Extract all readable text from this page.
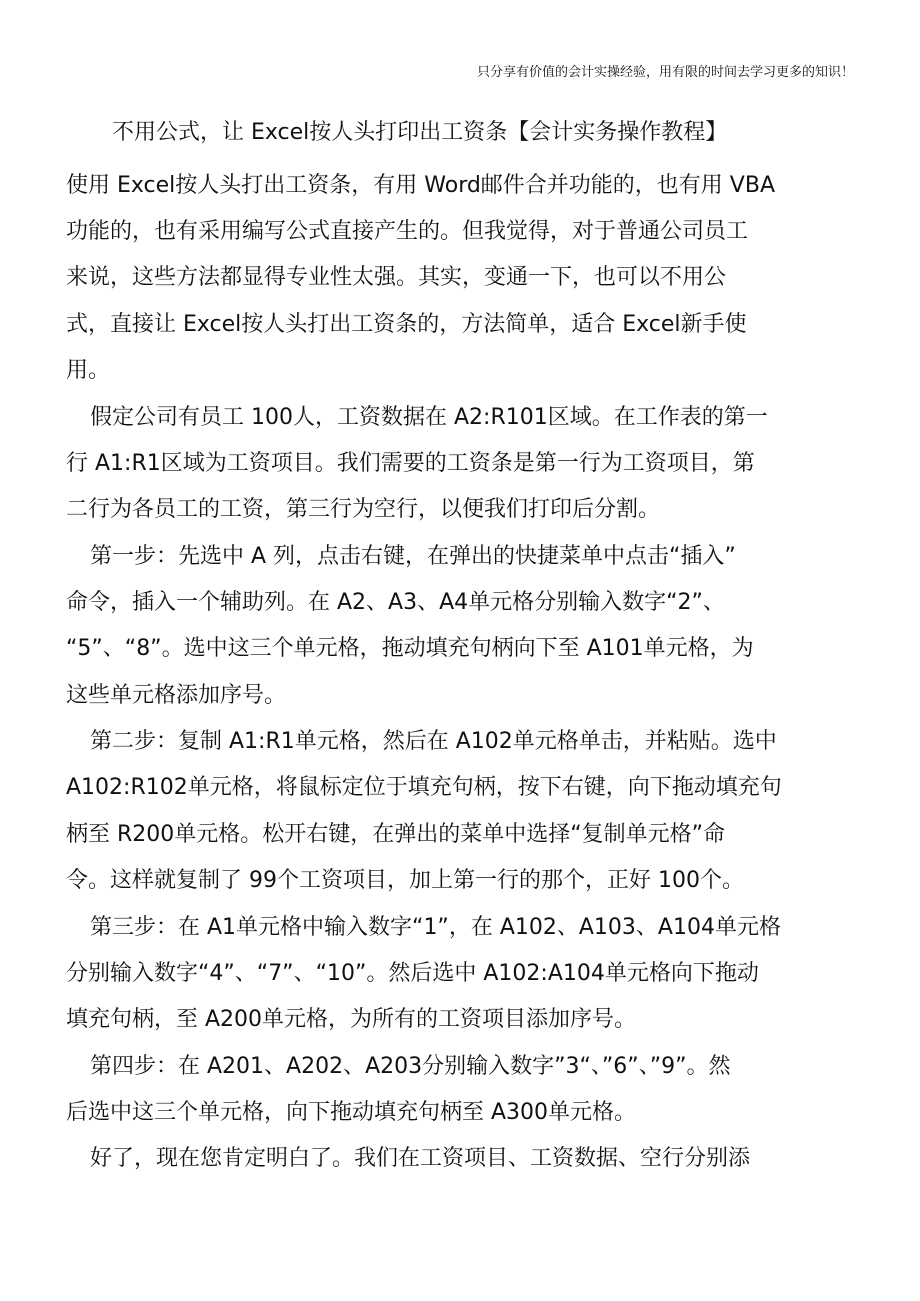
只分享有价值的会计实操经验，用有限的时间去学习更多的知识！
不用公式，让 Excel按人头打印出工资条【会计实务操作教程】
使用 Excel按人头打出工资条，有用 Word邮件合并功能的，也有用 VBA
功能的，也有采用编写公式直接产生的。但我觉得，对于普通公司员工
来说，这些方法都显得专业性太强。其实，变通一下，也可以不用公
式，直接让 Excel按人头打出工资条的，方法简单，适合 Excel新手使
用。
假定公司有员工 100人，工资数据在 A2:R101区域。在工作表的第一
行 A1:R1区域为工资项目。我们需要的工资条是第一行为工资项目，第
二行为各员工的工资，第三行为空行，以便我们打印后分割。
第一步：先选中 A 列，点击右键，在弹出的快捷菜单中点击“插入”
命令，插入一个辅助列。在 A2、A3、A4单元格分别输入数字“2”、
“5”、“8”。选中这三个单元格，拖动填充句柄向下至 A101单元格，为
这些单元格添加序号。
第二步：复制 A1:R1单元格，然后在 A102单元格单击，并粘贴。选中
A102:R102单元格，将鼠标定位于填充句柄，按下右键，向下拖动填充句
柄至 R200单元格。松开右键，在弹出的菜单中选择“复制单元格”命
令。这样就复制了 99个工资项目，加上第一行的那个，正好 100个。
第三步：在 A1单元格中输入数字“1”，在 A102、A103、A104单元格
分别输入数字“4”、“7”、“10”。然后选中 A102:A104单元格向下拖动
填充句柄，至 A200单元格，为所有的工资项目添加序号。
第四步：在 A201、A202、A203分别输入数字”3“、”6”、”9”。然
后选中这三个单元格，向下拖动填充句柄至 A300单元格。
好了，现在您肯定明白了。我们在工资项目、工资数据、空行分别添
